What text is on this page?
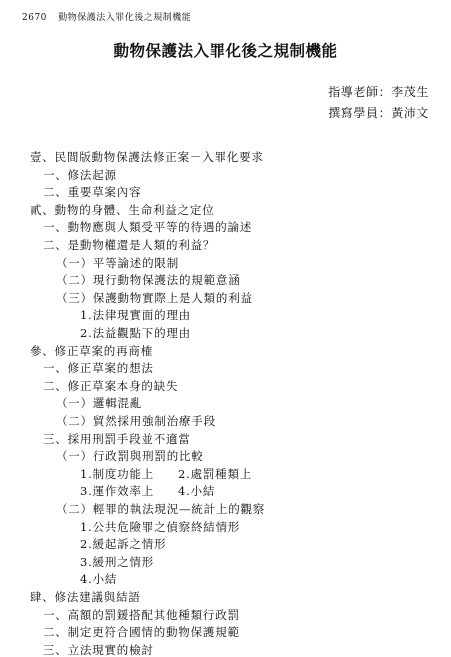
2670 動物保護法入罪化後之規制機能
動物保護法入罪化後之規制機能
指導老師：李茂生
撰寫學員：黃沛文
壹、民間版動物保護法修正案－入罪化要求
一、修法起源
二、重要草案內容
貳、動物的身體、生命利益之定位
一、動物應與人類受平等的待遇的論述
二、是動物權還是人類的利益？
（一）平等論述的限制
（二）現行動物保護法的規範意涵
（三）保護動物實際上是人類的利益
1.法律現實面的理由
2.法益觀點下的理由
參、修正草案的再商榷
一、修正草案的想法
二、修正草案本身的缺失
（一）邏輯混亂
（二）貿然採用強制治療手段
三、採用刑罰手段並不適當
（一）行政罰與刑罰的比較
1.制度功能上 2.處罰種類上
3.運作效率上 4.小結
（二）輕罪的執法現況—統計上的觀察
1.公共危險罪之偵察終結情形
2.緩起訴之情形
3.緩刑之情形
4.小結
肆、修法建議與結語
一、高額的罰鍰搭配其他種類行政罰
二、制定更符合國情的動物保護規範
三、立法現實的檢討
